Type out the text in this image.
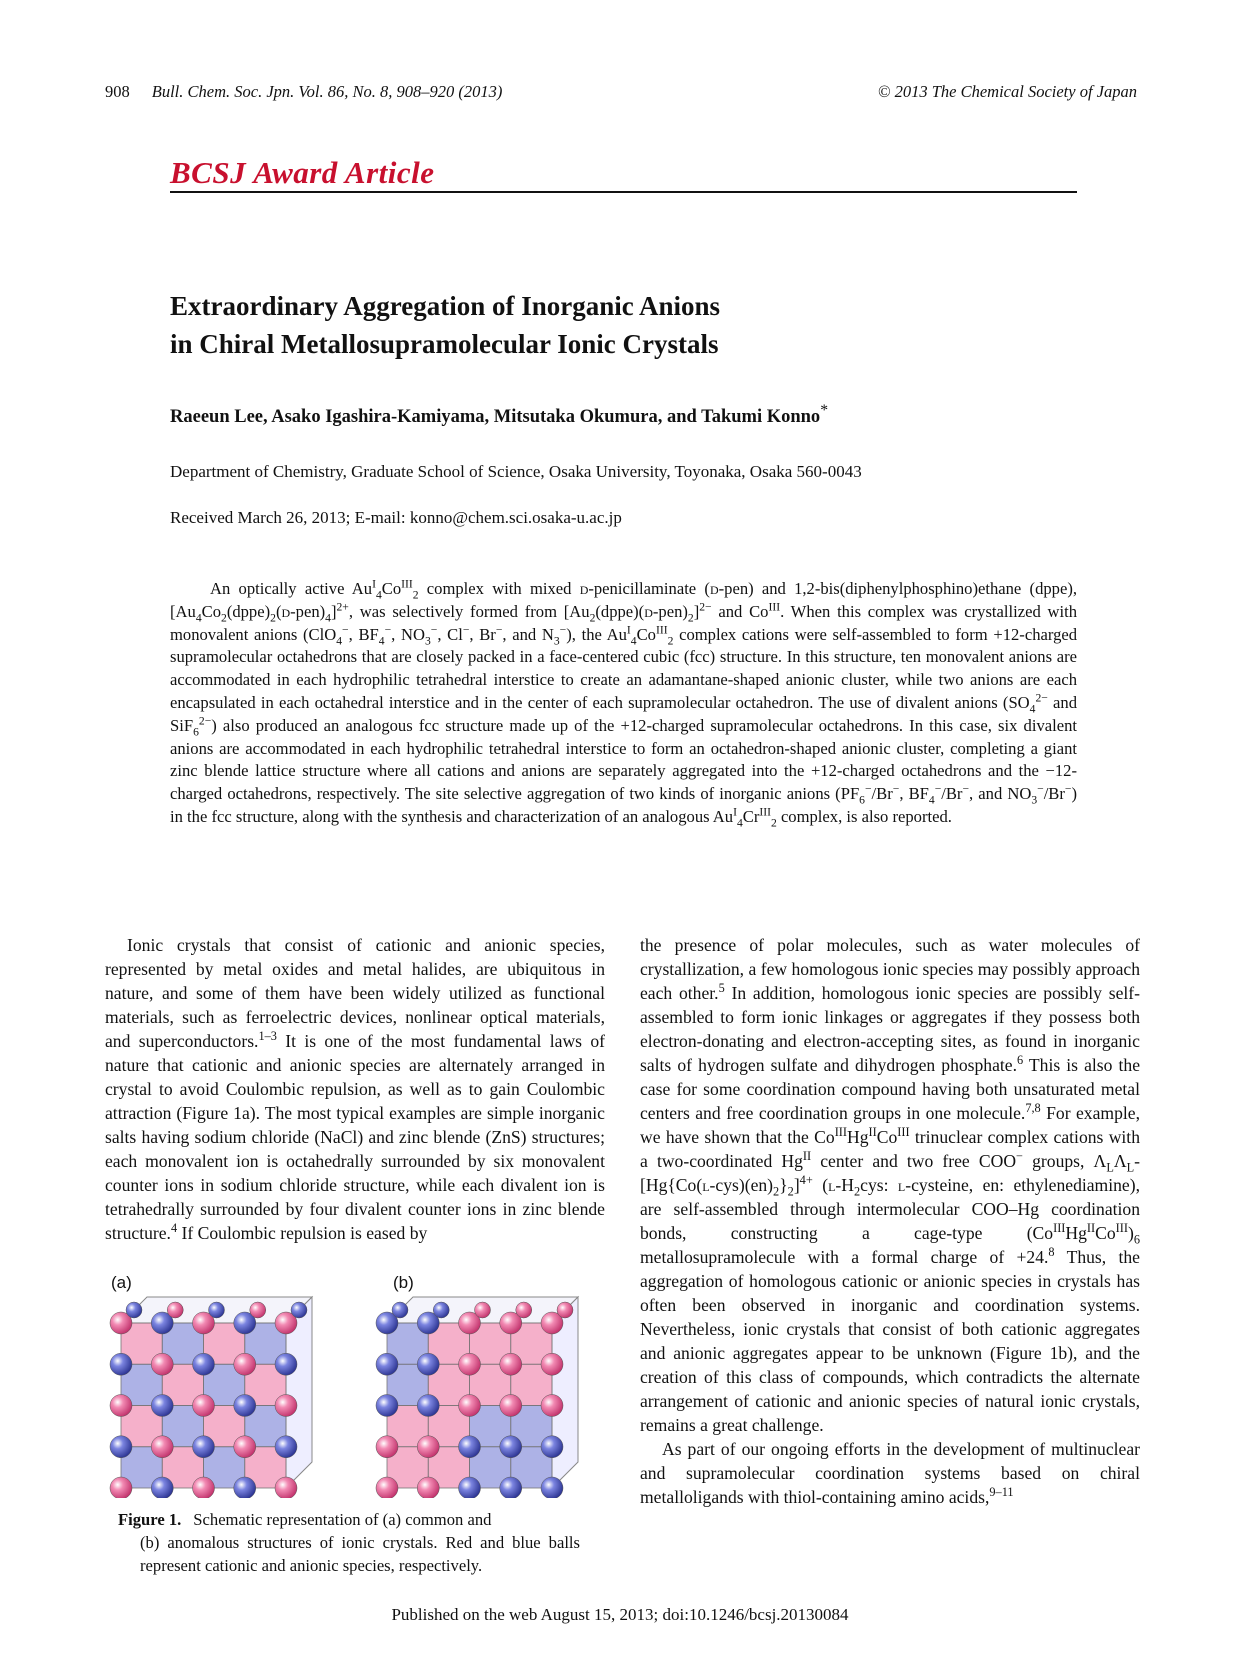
908 Bull. Chem. Soc. Jpn. Vol. 86, No. 8, 908–920 (2013)	© 2013 The Chemical Society of Japan
BCSJ Award Article
Extraordinary Aggregation of Inorganic Anions
in Chiral Metallosupramolecular Ionic Crystals
Raeeun Lee, Asako Igashira-Kamiyama, Mitsutaka Okumura, and Takumi Konno*
Department of Chemistry, Graduate School of Science, Osaka University, Toyonaka, Osaka 560-0043
Received March 26, 2013; E-mail: konno@chem.sci.osaka-u.ac.jp

An optically active $Au^I_4Co^{III}_2$ complex with mixed d-penicillaminate (d-pen) and 1,2-bis(diphenylphosphino)ethane (dppe), $[Au_4Co_2(dppe)_2(d-pen)_4]^{2+}$, was selectively formed from $[Au_2(dppe)(d-pen)_2]^{2-}$ and $Co^{III}$. When this complex was crystallized with monovalent anions (ClO$_4$−, $BF_4^-$, $NO_3^-$, Cl−, Br−, and $N_3^-$), the $Au^I_4Co^{III}_2$ complex cations were self-assembled to form +12-charged supramolecular octahedrons that are closely packed in a face-centered cubic (fcc) structure. In this structure, ten monovalent anions are accommodated in each hydrophilic tetrahedral interstice to create an adamantane-shaped anionic cluster, while two anions are each encapsulated in each octahedral interstice and in the center of each supramolecular octahedron. The use of divalent anions ($SO_4^{2-}$ and SiF$_6^{2-}$) also produced an analogous fcc structure made up of the +12-charged supramolecular octahedrons. In this case, six divalent anions are accommodated in each hydrophilic tetrahedral interstice to form an octahedron-shaped anionic cluster, completing a giant zinc blende lattice structure where all cations and anions are separately aggregated into the +12-charged octahedrons and the −12-charged octahedrons, respectively. The site selective aggregation of two kinds of inorganic anions ($PF_6^-/Br^-$, $BF_4^-/Br^-$, and $NO_3^-/Br^-$) in the fcc structure, along with the synthesis and characterization of an analogous $Au^I_4Cr^{III}_2$ complex, is also reported.

Ionic crystals that consist of cationic and anionic species, represented by metal oxides and metal halides, are ubiquitous in nature, and some of them have been widely utilized as functional materials, such as ferroelectric devices, nonlinear optical materials, and superconductors.$^{1-3}$ It is one of the most fundamental laws of nature that cationic and anionic species are alternately arranged in crystal to avoid Coulombic repulsion, as well as to gain Coulombic attraction (Figure 1a). The most typical examples are simple inorganic salts having sodium chloride (NaCl) and zinc blende (ZnS) structures; each monovalent ion is octahedrally surrounded by six monovalent counter ions in sodium chloride structure, while each divalent ion is tetrahedrally surrounded by four divalent counter ions in zinc blende structure.$^4$ If Coulombic repulsion is eased by

(a)	(b)
Figure 1. Schematic representation of (a) common and
(b) anomalous structures of ionic crystals. Red and blue balls represent cationic and anionic species, respectively.

the presence of polar molecules, such as water molecules of crystallization, a few homologous ionic species may possibly approach each other.$^5$ In addition, homologous ionic species are possibly self-assembled to form ionic linkages or aggregates if they possess both electron-donating and electron-accepting sites, as found in inorganic salts of hydrogen sulfate and dihydrogen phosphate.$^6$ This is also the case for some coordination compound having both unsaturated metal centers and free coordination groups in one molecule.$^{7,8}$ For example, we have shown that the $Co^{III}Hg^{II}Co^{III}$ trinuclear complex cations with a two-coordinated $Hg^{II}$ center and two free COO− groups, $\Lambda_L\Lambda_L-[Hg\{Co(l-cys)(en)_2\}_2]^{4+}$ ($l-H_2cys$: l-cysteine, en: ethylenediamine), are self-assembled through intermolecular COO–Hg coordination bonds, constructing a cage-type $(Co^{III}Hg^{II}Co^{III})_6$ metallosupramolecule with a formal charge of +24.$^8$ Thus, the aggregation of homologous cationic or anionic species in crystals has often been observed in inorganic and coordination systems. Nevertheless, ionic crystals that consist of both cationic aggregates and anionic aggregates appear to be unknown (Figure 1b), and the creation of this class of compounds, which contradicts the alternate arrangement of cationic and anionic species of natural ionic crystals, remains a great challenge.

As part of our ongoing efforts in the development of multinuclear and supramolecular coordination systems based on chiral metalloligands with thiol-containing amino acids,$^{9-11}$

Published on the web August 15, 2013; doi:10.1246/bcsj.20130084
